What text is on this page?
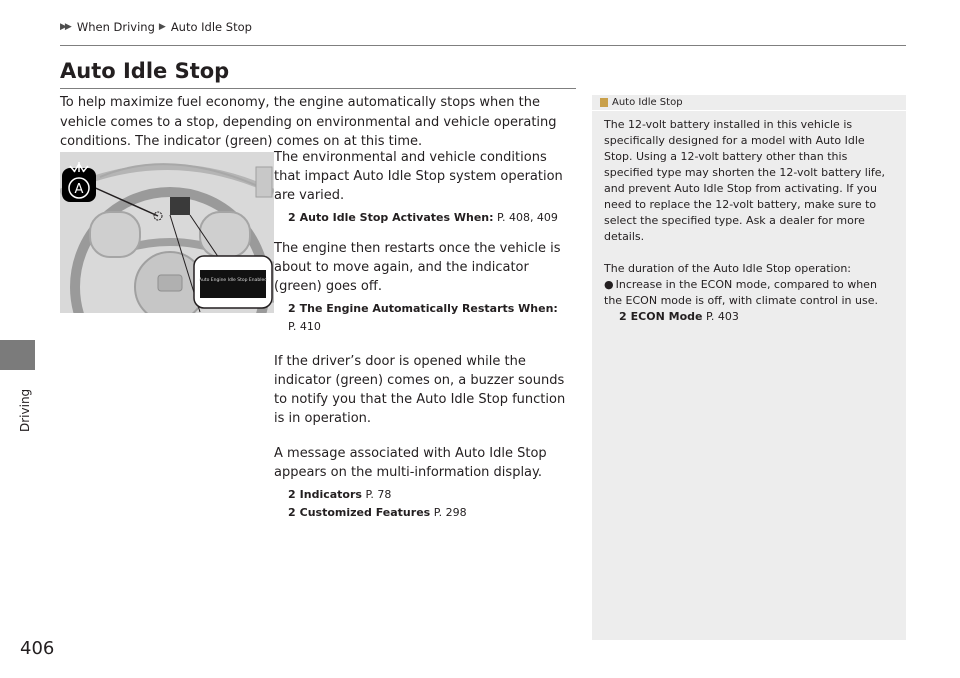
▶▶ When Driving ▶ Auto Idle Stop
Driving
406
Auto Idle Stop

To help maximize fuel economy, the engine automatically stops when the vehicle comes to a stop, depending on environmental and vehicle operating conditions. The indicator (green) comes on at this time.

A
Auto Engine Idle Stop Enabled

The environmental and vehicle conditions that impact Auto Idle Stop system operation are varied.

2 Auto Idle Stop Activates When: P. 408, 409

The engine then restarts once the vehicle is about to move again, and the indicator (green) goes off.

2 The Engine Automatically Restarts When:
P. 410

If the driver’s door is opened while the indicator (green) comes on, a buzzer sounds to notify you that the Auto Idle Stop function is in operation.

A message associated with Auto Idle Stop appears on the multi-information display.

2 Indicators P. 78
2 Customized Features P. 298
Auto Idle Stop

The 12-volt battery installed in this vehicle is specifically designed for a model with Auto Idle Stop. Using a 12-volt battery other than this specified type may shorten the 12-volt battery life, and prevent Auto Idle Stop from activating. If you need to replace the 12-volt battery, make sure to select the specified type. Ask a dealer for more details.

The duration of the Auto Idle Stop operation:

● Increase in the ECON mode, compared to when the ECON mode is off, with climate control in use.

2 ECON Mode P. 403
